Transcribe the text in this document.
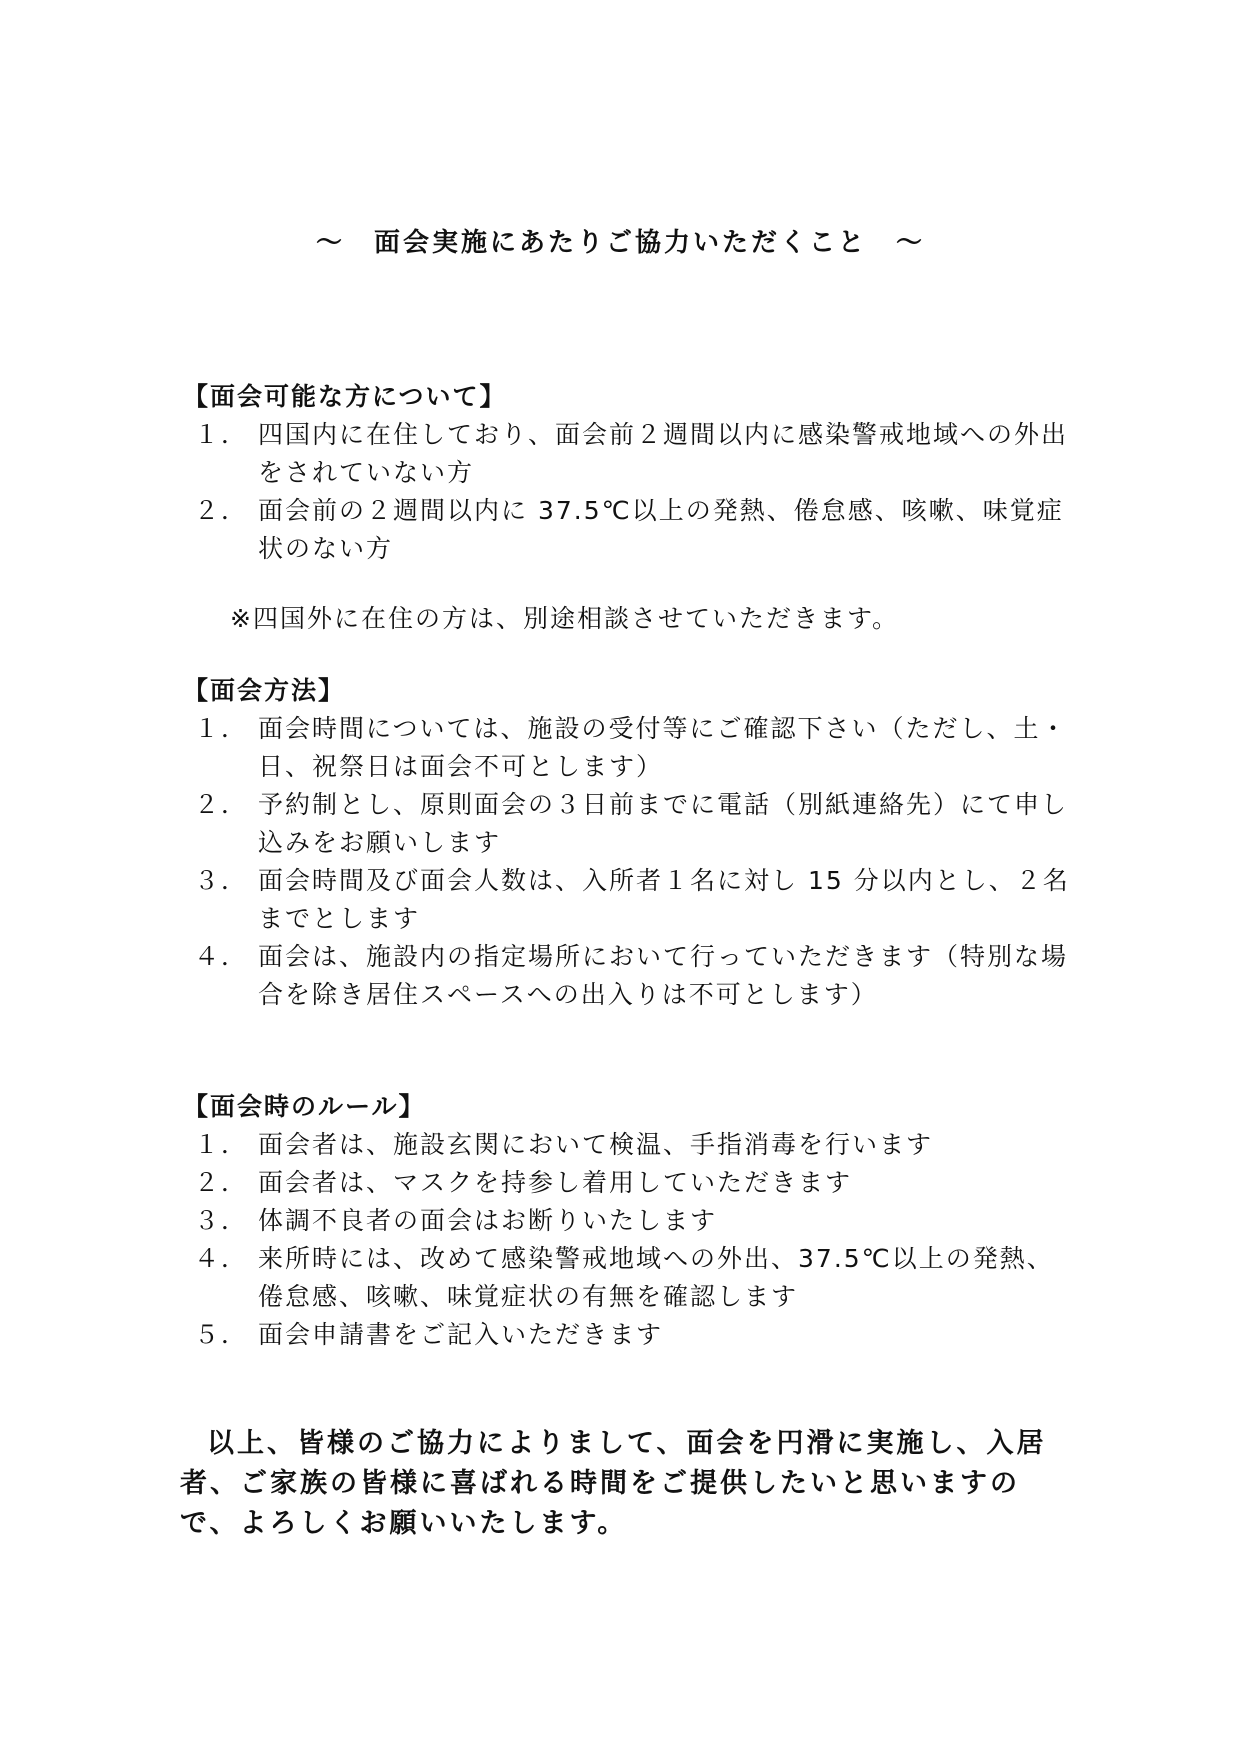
～　面会実施にあたりご協力いただくこと　～
【面会可能な方について】
１． 四国内に在住しており、面会前２週間以内に感染警戒地域への外出をされていない方
２． 面会前の２週間以内に 37.5℃以上の発熱、倦怠感、咳嗽、味覚症状のない方
※四国外に在住の方は、別途相談させていただきます。
【面会方法】
１． 面会時間については、施設の受付等にご確認下さい（ただし、土・日、祝祭日は面会不可とします）
２． 予約制とし、原則面会の３日前までに電話（別紙連絡先）にて申し込みをお願いします
３． 面会時間及び面会人数は、入所者１名に対し 15 分以内とし、２名までとします
４． 面会は、施設内の指定場所において行っていただきます（特別な場合を除き居住スペースへの出入りは不可とします）
【面会時のルール】
１． 面会者は、施設玄関において検温、手指消毒を行います
２． 面会者は、マスクを持参し着用していただきます
３． 体調不良者の面会はお断りいたします
４． 来所時には、改めて感染警戒地域への外出、37.5℃以上の発熱、倦怠感、咳嗽、味覚症状の有無を確認します
５． 面会申請書をご記入いただきます
以上、皆様のご協力によりまして、面会を円滑に実施し、入居者、ご家族の皆様に喜ばれる時間をご提供したいと思いますので、よろしくお願いいたします。
